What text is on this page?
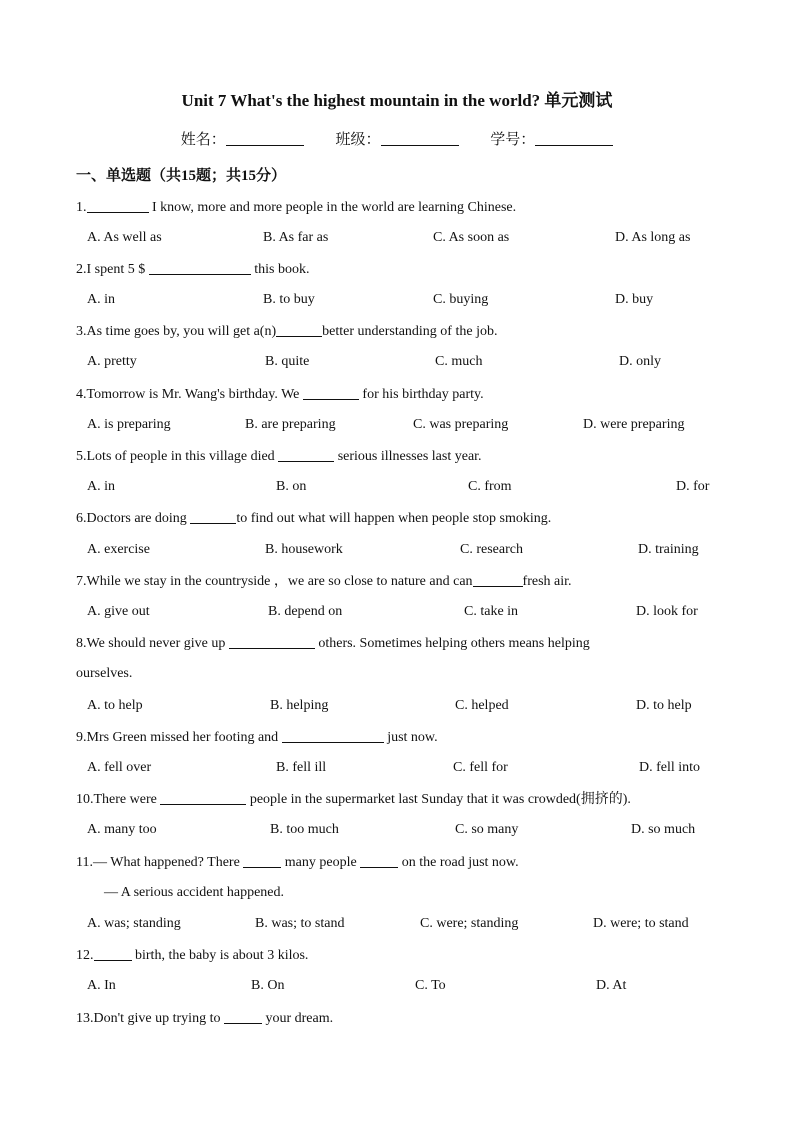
Unit 7 What's the highest mountain in the world? 单元测试
姓名：	班级：	学号：
一、单选题（共15题；共15分）
1.	I know, more and more people in the world are learning Chinese.
A. As well as	B. As far as	C. As soon as	D. As long as
2.I spent 5 $	this book.
A. in	B. to buy	C. buying	D. buy
3.As time goes by, you will get a(n)	better understanding of the job.
A. pretty	B. quite	C. much	D. only
4.Tomorrow is Mr. Wang's birthday. We	for his birthday party.
A. is preparing	B. are preparing	C. was preparing	D. were preparing
5.Lots of people in this village died	serious illnesses last year.
A. in	B. on	C. from	D. for
6.Doctors are doing	to find out what will happen when people stop smoking.
A. exercise	B. housework	C. research	D. training
7.While we stay in the countryside ，we are so close to nature and can	fresh air.
A. give out	B. depend on	C. take in	D. look for
8.We should never give up	others. Sometimes helping others means helping
ourselves.
A. to help	B. helping	C. helped	D. to help
9.Mrs Green missed her footing and	just now.
A. fell over	B. fell ill	C. fell for	D. fell into
10.There were	people in the supermarket last Sunday that it was crowded(拥挤的).
A. many too	B. too much	C. so many	D. so much
11.— What happened? There	many people	on the road just now.
— A serious accident happened.
A. was; standing	B. was; to stand	C. were; standing	D. were; to stand
12.	birth, the baby is about 3 kilos.
A. In	B. On	C. To	D. At
13.Don't give up trying to	your dream.
